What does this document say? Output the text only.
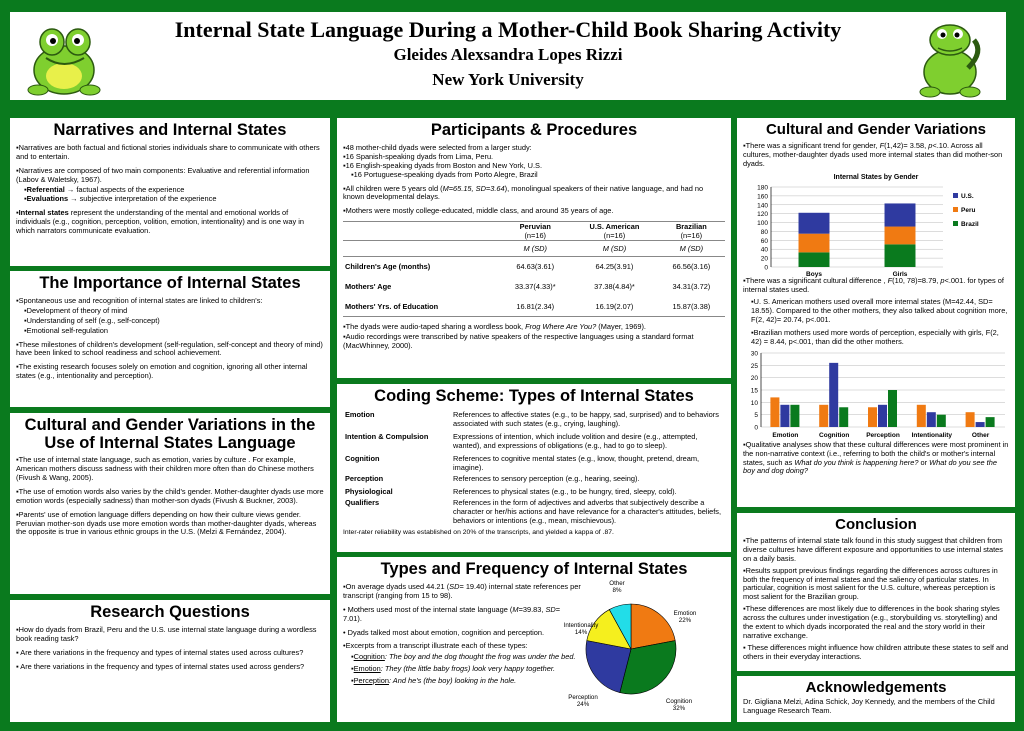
Internal State Language During a Mother-Child Book Sharing Activity
Gleides Alexsandra Lopes Rizzi
New York University
Narratives and Internal States

▪Narratives are both factual and fictional stories individuals share to communicate with others and to entertain.

▪Narratives are composed of two main components: Evaluative and referential information (Labov & Waletsky, 1967).

▪Referential → factual aspects of the experience

▪Evaluations → subjective interpretation of the experience

▪Internal states represent the understanding of the mental and emotional worlds of individuals (e.g., cognition, perception, volition, emotion, intentionality) and is one way in which narrators communicate evaluation.

The Importance of Internal States

▪Spontaneous use and recognition of internal states are linked to children's:

▪Development of theory of mind

▪Understanding of self (e.g., self-concept)

▪Emotional self-regulation

▪These milestones of children's development (self-regulation, self-concept and theory of mind) have been linked to school readiness and school achievement.

▪The existing research focuses solely on emotion and cognition, ignoring all other internal states (e.g., intentionality and perception).

Cultural and Gender Variations in the Use of Internal States Language

▪The use of internal state language, such as emotion, varies by culture . For example, American mothers discuss sadness with their children more often than do Chinese mothers (Fivush & Wang, 2005).

▪The use of emotion words also varies by the child's gender. Mother-daughter dyads use more emotion words (especially sadness) than mother-son dyads (Fivush & Buckner, 2003).

▪Parents' use of emotion language differs depending on how their culture views gender. Peruvian mother-son dyads use more emotion words than mother-daughter dyads, whereas the opposite is true in various ethnic groups in the U.S. (Melzi & Fernández, 2004).

Research Questions

▪How do dyads from Brazil, Peru and the U.S. use internal state language during a wordless book reading task?

▪ Are there variations in the frequency and types of internal states used across cultures?

▪ Are there variations in the frequency and types of internal states used across genders?

Participants & Procedures

▪48 mother-child dyads were selected from a larger study:

▪16 Spanish-speaking dyads from Lima, Peru.

▪16 English-speaking dyads from Boston and New York, U.S.

▪16 Portuguese-speaking dyads from Porto Alegre, Brazil

▪All children were 5 years old (M=65.15, SD=3.64), monolingual speakers of their native language, and had no known developmental delays.

▪Mothers were mostly college-educated, middle class, and around 35 years of age.

	Peruvian	U.S. American	Brazilian
	(n=16)	(n=16)	(n=16)
	M (SD)	M (SD)	M (SD)
Children's Age (months)	64.63(3.61)	64.25(3.91)	66.56(3.16)
Mothers' Age	33.37(4.33)*	37.38(4.84)*	34.31(3.72)
Mothers' Yrs. of Education	16.81(2.34)	16.19(2.07)	15.87(3.38)

▪The dyads were audio-taped sharing a wordless book, Frog Where Are You? (Mayer, 1969).

▪Audio recordings were transcribed by native speakers of the respective languages using a standard format (MacWhinney, 2000).

Coding Scheme: Types of Internal States
Emotion	References to affective states (e.g., to be happy, sad, surprised) and to behaviors associated with such states (e.g., crying, laughing).
Intention & Compulsion	Expressions of intention, which include volition and desire (e.g., attempted, wanted), and expressions of obligations (e.g., had to go to sleep).
Cognition	References to cognitive mental states (e.g., know, thought, pretend, dream, imagine).
Perception	References to sensory perception (e.g., hearing, seeing).
Physiological	References to physical states (e.g., to be hungry, tired, sleepy, cold).
Qualifiers	References in the form of adjectives and adverbs that subjectively describe a character or her/his actions and have relevance for a character's attitudes, beliefs, behaviors or intentions (e.g., mean, mischievous).
Inter-rater reliability was established on 20% of the transcripts, and yielded a kappa of .87.
Types and Frequency of Internal States

▪On average dyads used 44.21 (SD= 19.40) internal state references per transcript (ranging from 15 to 98).

• Mothers used most of the internal state language (M=39.83, SD= 7.01).

• Dyads talked most about emotion, cognition and perception.

•Excerpts from a transcript illustrate each of these types:

▪Cognition: The boy and the dog thought the frog was under the bed.

▪Emotion: They (the little baby frogs) look very happy together.

▪Perception: And he's (the boy) looking in the hole.

Emotion 22%
Cognition 32%
Perception 24%
Intentionality 14%
Other 8%
Cultural and Gender Variations

▪There was a significant trend for gender, F(1,42)= 3.58, p<.10. Across all cultures, mother-daughter dyads used more internal states than did mother-son dyads.

Internal States by Gender
0
20
40
60
80
100
120
140
160
180
Boys	Girls
U.S.
Peru
Brazil

▪There was a significant cultural difference , F(10, 78)=8.79, p<.001. for types of internal states used.

▪U. S. American mothers used overall more internal states (M=42.44, SD= 18.55). Compared to the other mothers, they also talked about cognition more, F(2, 42)= 20.74, p<.001.

▪Brazilian mothers used more words of perception, especially with girls, F(2, 42) = 8.44, p<.001, than did the other mothers.

0
5
10
15
20
25
30
Emotion	Cognition	Perception Intentionality	Other

▪Qualitative analyses show that these cultural differences were most prominent in the non-narrative context (i.e., referring to both the child's or mother's internal states, such as What do you think is happening here? or What do you see the boy and dog doing?

Conclusion

▪The patterns of internal state talk found in this study suggest that children from diverse cultures have different exposure and opportunities to use internal states on a daily basis.

▪Results support previous findings regarding the differences across cultures in both the frequency of internal states and the saliency of particular states. In particular, cognition is most salient for the U.S. culture, whereas perception is most salient for the Brazilian group.

▪These differences are most likely due to differences in the book sharing styles across the cultures under investigation (e.g., storybuilding vs. storytelling) and the extent to which dyads incorporated the real and the story world in their narrative exchange.

▪ These differences might influence how children attribute these states to self and others in their everyday interactions.

Acknowledgements

Dr. Gigliana Melzi, Adina Schick, Joy Kennedy, and the members of the Child Language Research Team.
